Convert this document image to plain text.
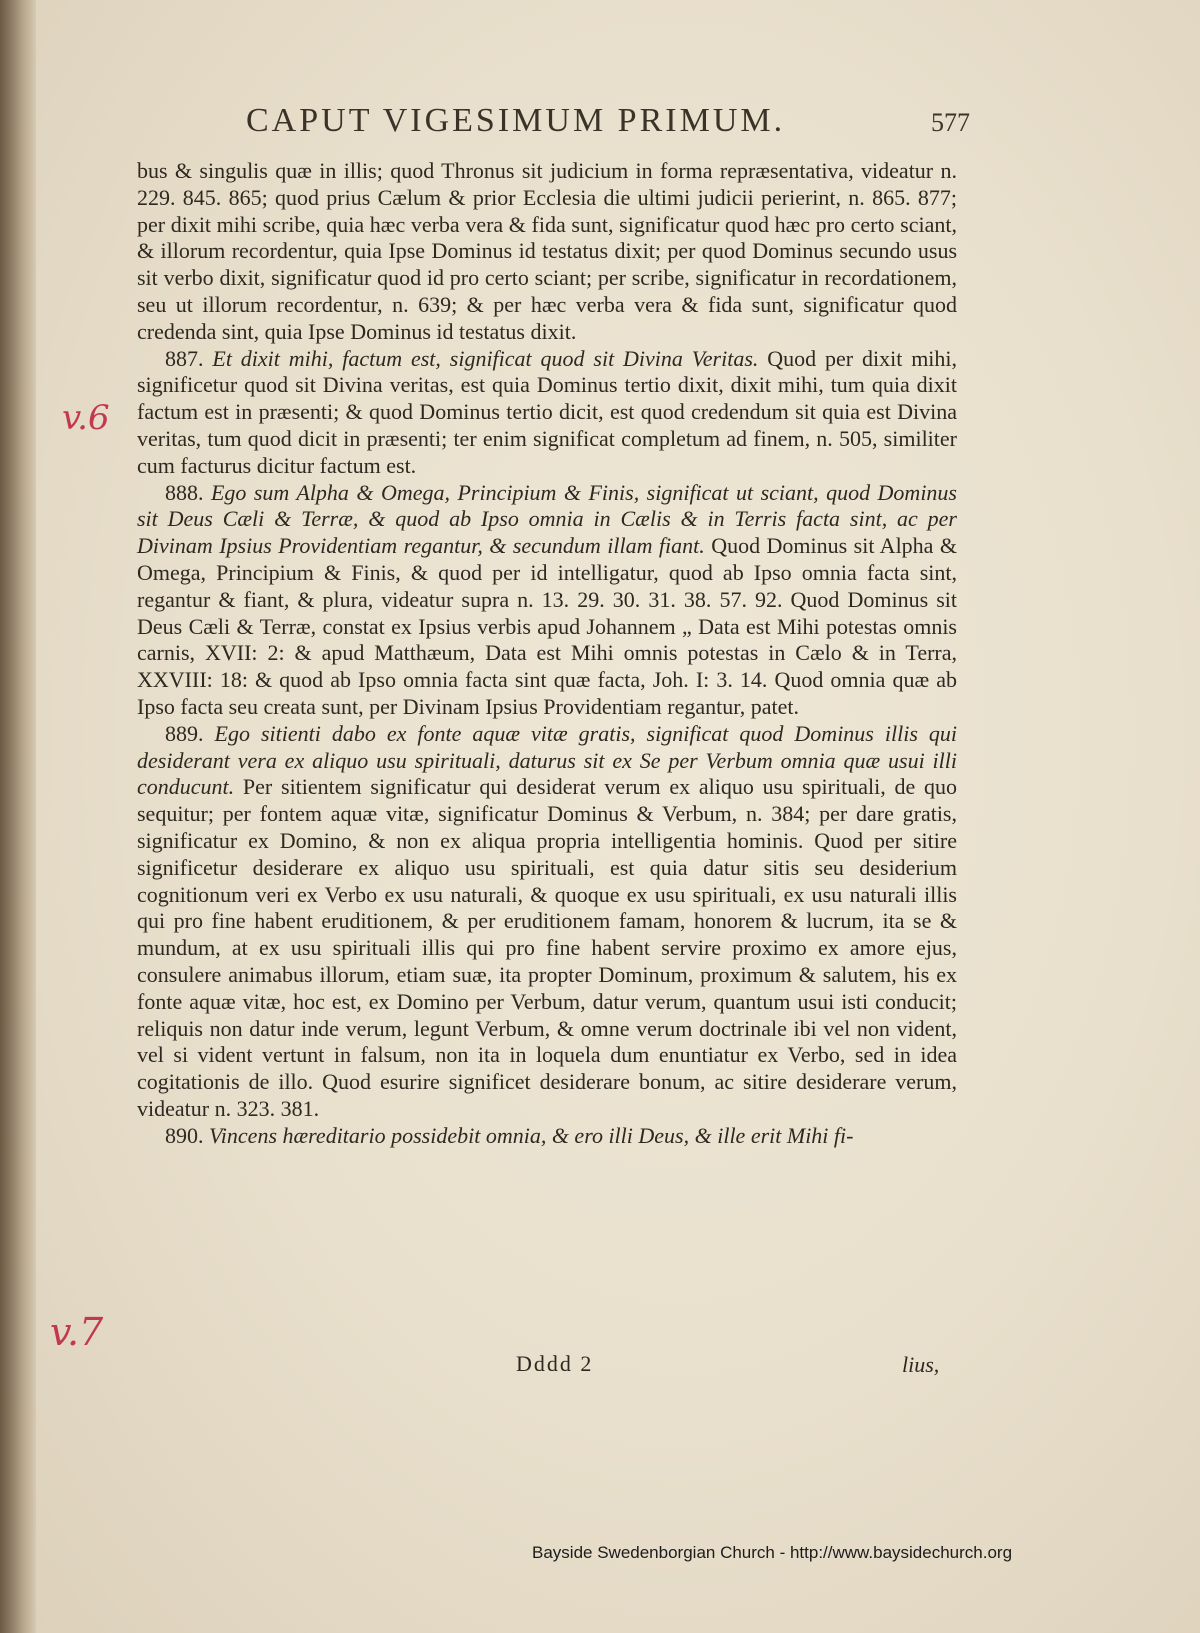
CAPUT VIGESIMUM PRIMUM.	577
v.6
v.7

bus & singulis quæ in illis; quod Thronus sit judicium in forma repræsentativa, videatur n. 229. 845. 865; quod prius Cælum & prior Ecclesia die ultimi judicii perierint, n. 865. 877; per dixit mihi scribe, quia hæc verba vera & fida sunt, significatur quod hæc pro certo sciant, & illorum recordentur, quia Ipse Dominus id testatus dixit; per quod Dominus secundo usus sit verbo dixit, significatur quod id pro certo sciant; per scribe, significatur in recordationem, seu ut illorum recordentur, n. 639; & per hæc verba vera & fida sunt, significatur quod credenda sint, quia Ipse Dominus id testatus dixit.

887. Et dixit mihi, factum est, significat quod sit Divina Veritas. Quod per dixit mihi, significetur quod sit Divina veritas, est quia Dominus tertio dixit, dixit mihi, tum quia dixit factum est in præsenti; & quod Dominus tertio dicit, est quod credendum sit quia est Divina veritas, tum quod dicit in præsenti; ter enim significat completum ad finem, n. 505, similiter cum facturus dicitur factum est.

888. Ego sum Alpha & Omega, Principium & Finis, significat ut sciant, quod Dominus sit Deus Cæli & Terræ, & quod ab Ipso omnia in Cælis & in Terris facta sint, ac per Divinam Ipsius Providentiam regantur, & secundum illam fiant. Quod Dominus sit Alpha & Omega, Principium & Finis, & quod per id intelligatur, quod ab Ipso omnia facta sint, regantur & fiant, & plura, videatur supra n. 13. 29. 30. 31. 38. 57. 92. Quod Dominus sit Deus Cæli & Terræ, constat ex Ipsius verbis apud Johannem „ Data est Mihi potestas omnis carnis, XVII: 2: & apud Matthæum, Data est Mihi omnis potestas in Cælo & in Terra, XXVIII: 18: & quod ab Ipso omnia facta sint quæ facta, Joh. I: 3. 14. Quod omnia quæ ab Ipso facta seu creata sunt, per Divinam Ipsius Providentiam regantur, patet.

889. Ego sitienti dabo ex fonte aquæ vitæ gratis, significat quod Dominus illis qui desiderant vera ex aliquo usu spirituali, daturus sit ex Se per Verbum omnia quæ usui illi conducunt. Per sitientem significatur qui desiderat verum ex aliquo usu spirituali, de quo sequitur; per fontem aquæ vitæ, significatur Dominus & Verbum, n. 384; per dare gratis, significatur ex Domino, & non ex aliqua propria intelligentia hominis. Quod per sitire significetur desiderare ex aliquo usu spirituali, est quia datur sitis seu desiderium cognitionum veri ex Verbo ex usu naturali, & quoque ex usu spirituali, ex usu naturali illis qui pro fine habent eruditionem, & per eruditionem famam, honorem & lucrum, ita se & mundum, at ex usu spirituali illis qui pro fine habent servire proximo ex amore ejus, consulere animabus illorum, etiam suæ, ita propter Dominum, proximum & salutem, his ex fonte aquæ vitæ, hoc est, ex Domino per Verbum, datur verum, quantum usui isti conducit; reliquis non datur inde verum, legunt Verbum, & omne verum doctrinale ibi vel non vident, vel si vident vertunt in falsum, non ita in loquela dum enuntiatur ex Verbo, sed in idea cogitationis de illo. Quod esurire significet desiderare bonum, ac sitire desiderare verum, videatur n. 323. 381.

890. Vincens hæreditario possidebit omnia, & ero illi Deus, & ille erit Mihi fi-

Dddd 2	lius,
Bayside Swedenborgian Church - http://www.baysidechurch.org
